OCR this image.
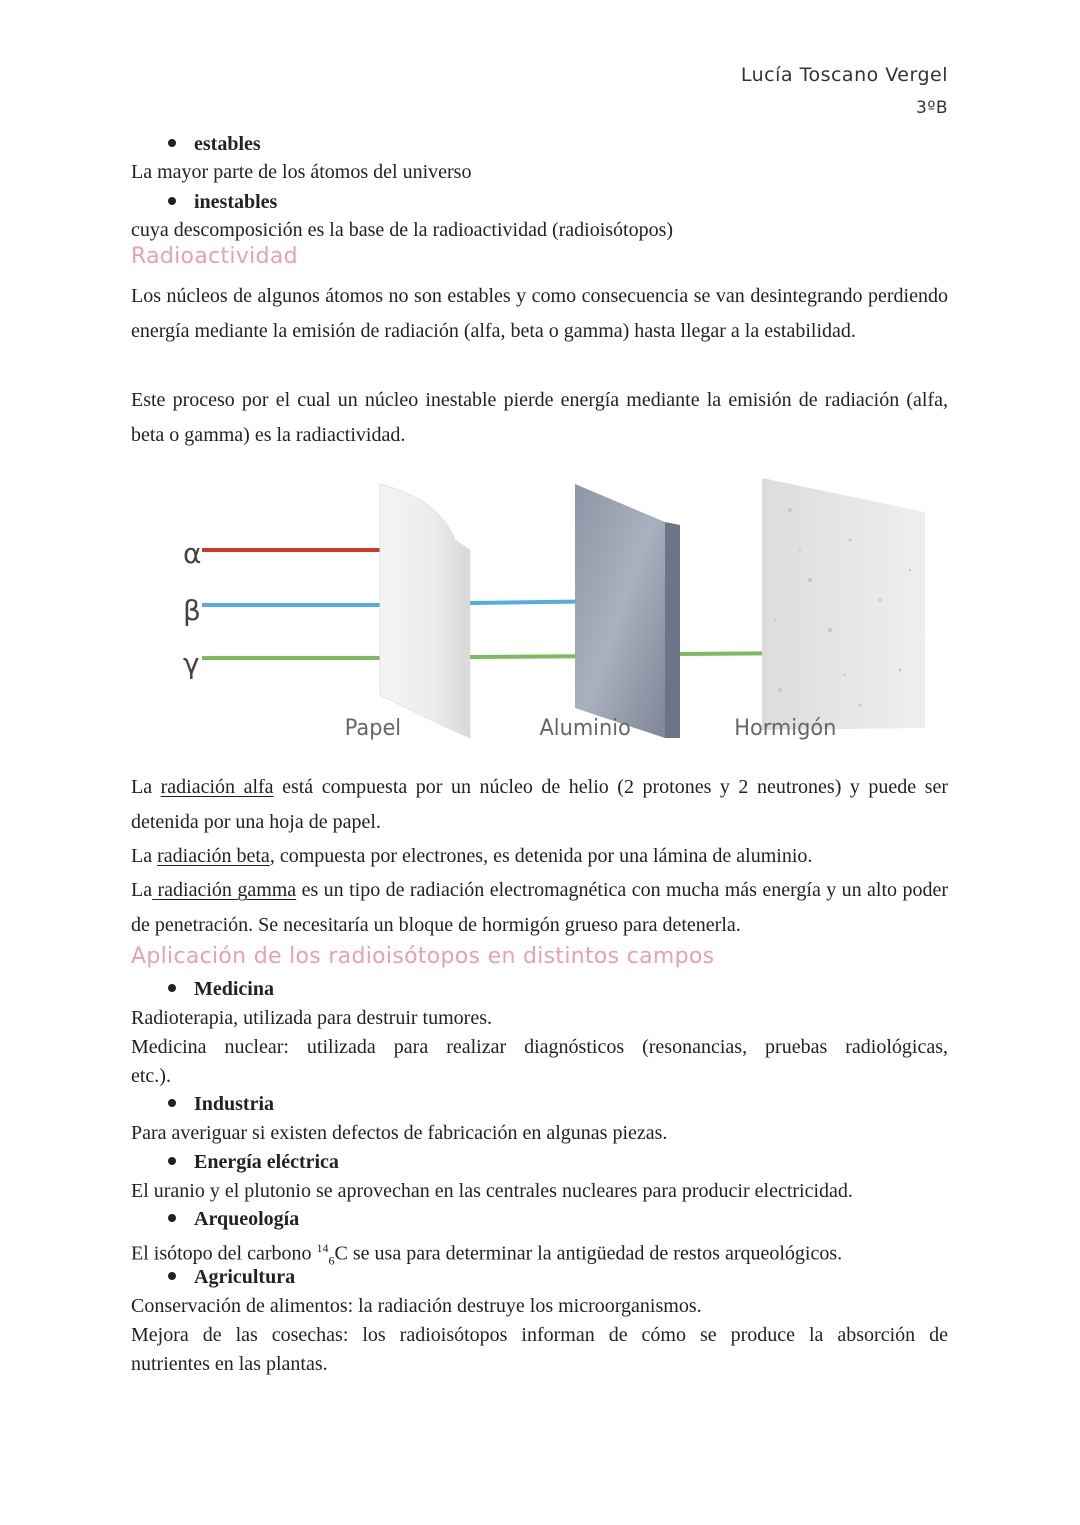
Lucía Toscano Vergel
3ºB
estables
La mayor parte de los átomos del universo
inestables
cuya descomposición es la base de la radioactividad (radioisótopos)
Radioactividad

Los núcleos de algunos átomos no son estables y como consecuencia se van desintegrando perdiendo energía mediante la emisión de radiación (alfa, beta o gamma) hasta llegar a la estabilidad.

Este proceso por el cual un núcleo inestable pierde energía mediante la emisión de radiación (alfa, beta o gamma) es la radiactividad.

α
β
γ
Papel	Aluminio	Hormigón

La radiación alfa está compuesta por un núcleo de helio (2 protones y 2 neutrones) y puede ser detenida por una hoja de papel.

La radiación beta, compuesta por electrones, es detenida por una lámina de aluminio.

La radiación gamma es un tipo de radiación electromagnética con mucha más energía y un alto poder de penetración. Se necesitaría un bloque de hormigón grueso para detenerla.

Aplicación de los radioisótopos en distintos campos
Medicina
Radioterapia, utilizada para destruir tumores.
Medicina nuclear: utilizada para realizar diagnósticos (resonancias, pruebas radiológicas,
etc.).
Industria
Para averiguar si existen defectos de fabricación en algunas piezas.
Energía eléctrica
El uranio y el plutonio se aprovechan en las centrales nucleares para producir electricidad.
Arqueología
El isótopo del carbono $^{14}_6$C se usa para determinar la antigüedad de restos arqueológicos.
Agricultura
Conservación de alimentos: la radiación destruye los microorganismos.
Mejora de las cosechas: los radioisótopos informan de cómo se produce la absorción de
nutrientes en las plantas.
